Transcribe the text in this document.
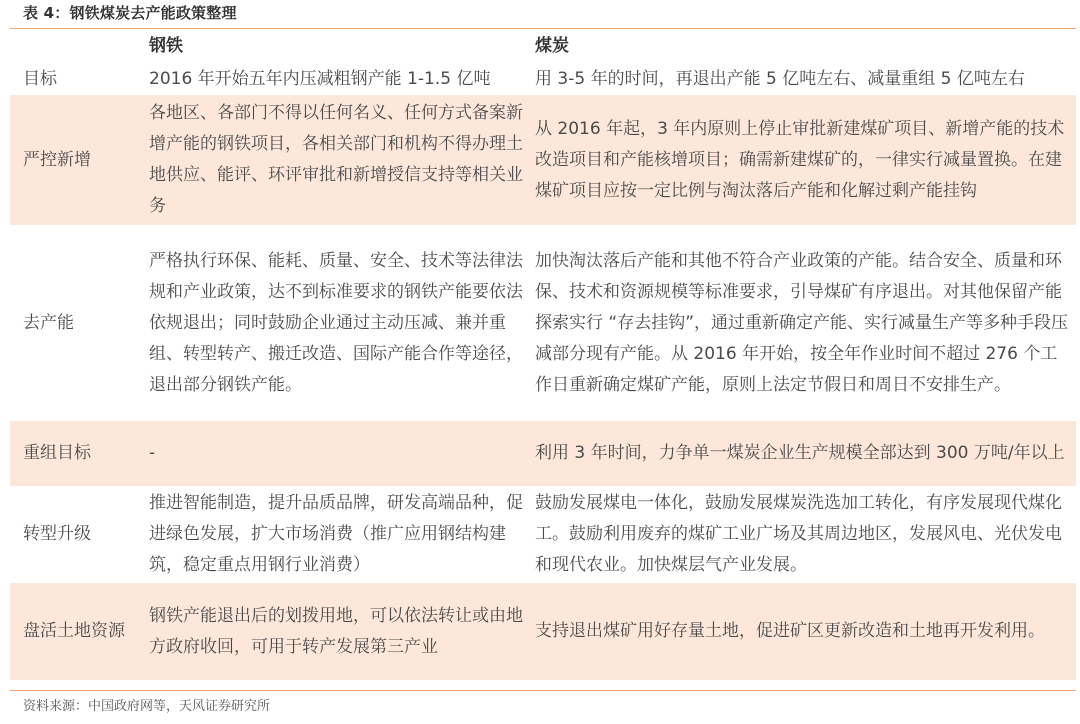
表 4：钢铁煤炭去产能政策整理
	钢铁	煤炭
目标	2016 年开始五年内压减粗钢产能 1-1.5 亿吨	用 3-5 年的时间，再退出产能 5 亿吨左右、减量重组 5 亿吨左右
严控新增	各地区、各部门不得以任何名义、任何方式备案新增产能的钢铁项目，各相关部门和机构不得办理土地供应、能评、环评审批和新增授信支持等相关业务	从 2016 年起，3 年内原则上停止审批新建煤矿项目、新增产能的技术改造项目和产能核增项目；确需新建煤矿的，一律实行减量置换。在建煤矿项目应按一定比例与淘汰落后产能和化解过剩产能挂钩
去产能	严格执行环保、能耗、质量、安全、技术等法律法规和产业政策，达不到标准要求的钢铁产能要依法依规退出；同时鼓励企业通过主动压减、兼并重组、转型转产、搬迁改造、国际产能合作等途径，退出部分钢铁产能。	加快淘汰落后产能和其他不符合产业政策的产能。结合安全、质量和环保、技术和资源规模等标准要求，引导煤矿有序退出。对其他保留产能探索实行 “存去挂钩”，通过重新确定产能、实行减量生产等多种手段压减部分现有产能。从 2016 年开始，按全年作业时间不超过 276 个工作日重新确定煤矿产能，原则上法定节假日和周日不安排生产。
重组目标	-	利用 3 年时间，力争单一煤炭企业生产规模全部达到 300 万吨/年以上
转型升级	推进智能制造，提升品质品牌，研发高端品种，促进绿色发展，扩大市场消费（推广应用钢结构建筑，稳定重点用钢行业消费）	鼓励发展煤电一体化，鼓励发展煤炭洗选加工转化，有序发展现代煤化工。鼓励利用废弃的煤矿工业广场及其周边地区，发展风电、光伏发电和现代农业。加快煤层气产业发展。
盘活土地资源	钢铁产能退出后的划拨用地，可以依法转让或由地方政府收回，可用于转产发展第三产业	支持退出煤矿用好存量土地，促进矿区更新改造和土地再开发利用。
资料来源：中国政府网等，天风证券研究所
